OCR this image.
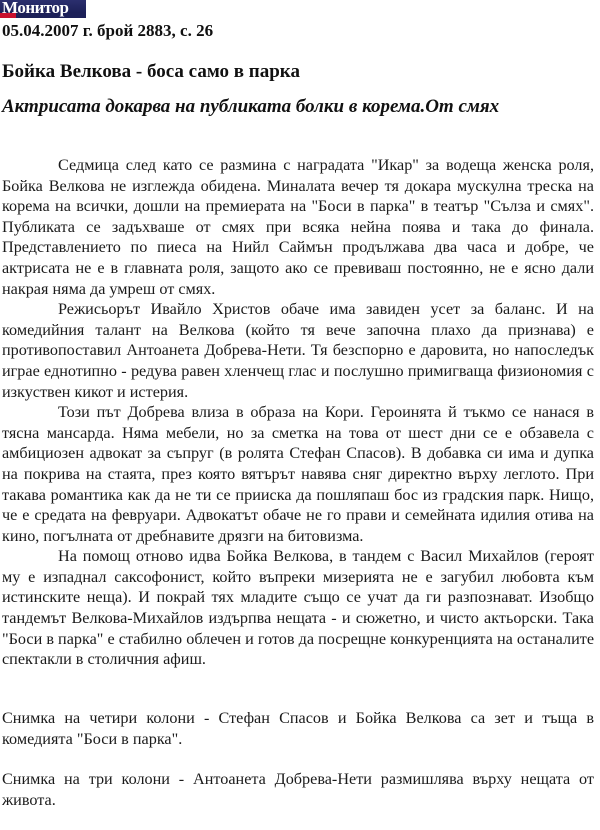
Монитор
05.04.2007 г. брой 2883, с. 26
Бойка Велкова - боса само в парка
Актрисата докарва на публиката болки в корема.От смях

Седмица след като се размина с наградата "Икар" за водеща женска роля, Бойка Велкова не изглежда обидена. Миналата вечер тя докара мускулна треска на корема на всички, дошли на премиерата на "Боси в парка" в театър "Сълза и смях". Публиката се задъхваше от смях при всяка нейна поява и така до финала. Представлението по пиеса на Нийл Саймън продължава два часа и добре, че актрисата не е в главната роля, защото ако се превиваш постоянно, не е ясно дали накрая няма да умреш от смях.

Режисьорът Ивайло Христов обаче има завиден усет за баланс. И на комедийния талант на Велкова (който тя вече започна плахо да признава) е противопоставил Антоанета Добрева-Нети. Тя безспорно е даровита, но напоследък играе еднотипно - редува равен хленчещ глас и послушно примигваща физиономия с изкуствен кикот и истерия.

Този път Добрева влиза в образа на Кори. Героинята й тъкмо се нанася в тясна мансарда. Няма мебели, но за сметка на това от шест дни се е обзавела с амбициозен адвокат за съпруг (в ролята Стефан Спасов). В добавка си има и дупка на покрива на стаята, през която вятърът навява сняг директно върху леглото. При такава романтика как да не ти се прииска да пошляпаш бос из градския парк. Нищо, че е средата на февруари. Адвокатът обаче не го прави и семейната идилия отива на кино, погълната от дребнавите дрязги на битовизма.

На помощ отново идва Бойка Велкова, в тандем с Васил Михайлов (героят му е изпаднал саксофонист, който въпреки мизерията не е загубил любовта към истинските неща). И покрай тях младите също се учат да ги разпознават. Изобщо тандемът Велкова-Михайлов издърпва нещата - и сюжетно, и чисто актьорски. Така "Боси в парка" е стабилно облечен и готов да посрещне конкуренцията на останалите спектакли в столичния афиш.

Снимка на четири колони - Стефан Спасов и Бойка Велкова са зет и тъща в комедията "Боси в парка".

Снимка на три колони - Антоанета Добрева-Нети размишлява върху нещата от живота.
